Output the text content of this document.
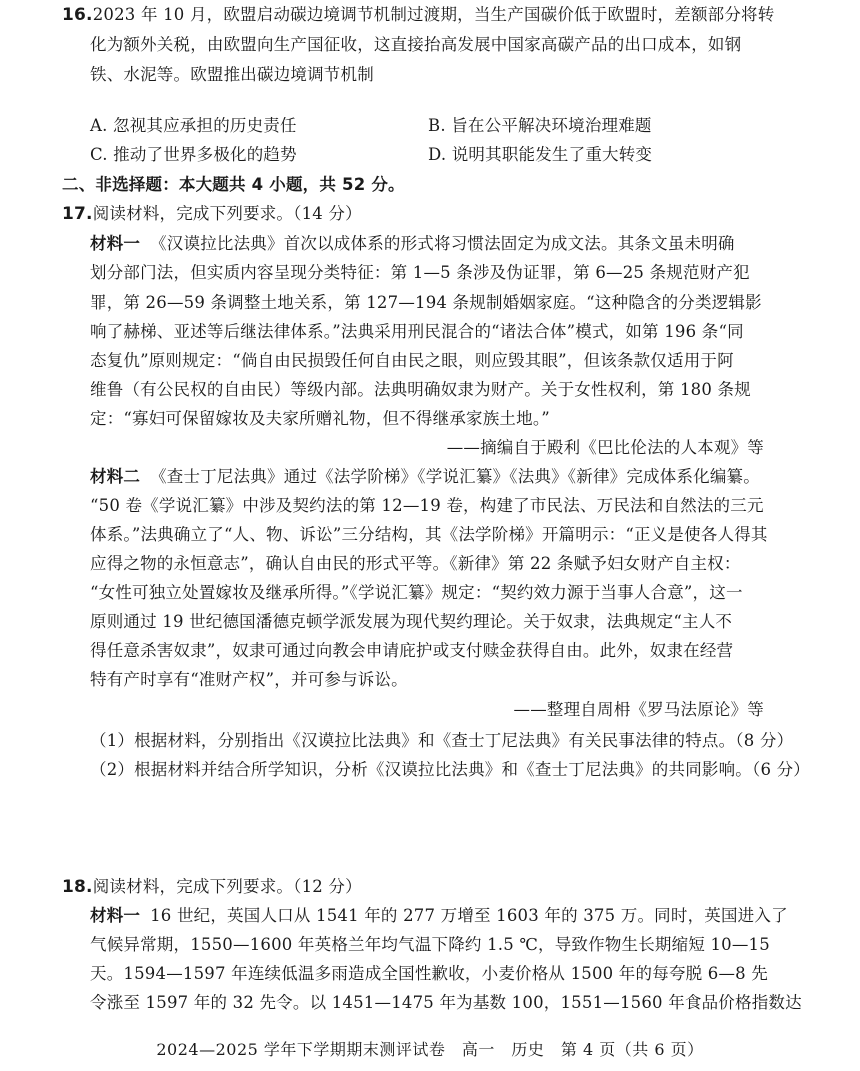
16.2023 年 10 月，欧盟启动碳边境调节机制过渡期，当生产国碳价低于欧盟时，差额部分将转
化为额外关税，由欧盟向生产国征收，这直接抬高发展中国家高碳产品的出口成本，如钢
铁、水泥等。欧盟推出碳边境调节机制
A. 忽视其应承担的历史责任	B. 旨在公平解决环境治理难题
C. 推动了世界多极化的趋势	D. 说明其职能发生了重大转变
二、非选择题：本大题共 4 小题，共 52 分。
17.阅读材料，完成下列要求。（14 分）
材料一 《汉谟拉比法典》首次以成体系的形式将习惯法固定为成文法。其条文虽未明确
划分部门法，但实质内容呈现分类特征：第 1—5 条涉及伪证罪，第 6—25 条规范财产犯
罪，第 26—59 条调整土地关系，第 127—194 条规制婚姻家庭。“这种隐含的分类逻辑影
响了赫梯、亚述等后继法律体系。”法典采用刑民混合的“诸法合体”模式，如第 196 条“同
态复仇”原则规定：“倘自由民损毁任何自由民之眼，则应毁其眼”，但该条款仅适用于阿
维鲁（有公民权的自由民）等级内部。法典明确奴隶为财产。关于女性权利，第 180 条规
定：“寡妇可保留嫁妆及夫家所赠礼物，但不得继承家族土地。”
——摘编自于殿利《巴比伦法的人本观》等
材料二 《查士丁尼法典》通过《法学阶梯》《学说汇纂》《法典》《新律》完成体系化编纂。
“50 卷《学说汇纂》中涉及契约法的第 12—19 卷，构建了市民法、万民法和自然法的三元
体系。”法典确立了“人、物、诉讼”三分结构，其《法学阶梯》开篇明示：“正义是使各人得其
应得之物的永恒意志”，确认自由民的形式平等。《新律》第 22 条赋予妇女财产自主权：
“女性可独立处置嫁妆及继承所得。”《学说汇纂》规定：“契约效力源于当事人合意”，这一
原则通过 19 世纪德国潘德克顿学派发展为现代契约理论。关于奴隶，法典规定“主人不
得任意杀害奴隶”，奴隶可通过向教会申请庇护或支付赎金获得自由。此外，奴隶在经营
特有产时享有“准财产权”，并可参与诉讼。
——整理自周枏《罗马法原论》等
（1）根据材料，分别指出《汉谟拉比法典》和《查士丁尼法典》有关民事法律的特点。（8 分）
（2）根据材料并结合所学知识，分析《汉谟拉比法典》和《查士丁尼法典》的共同影响。（6 分）
18.阅读材料，完成下列要求。（12 分）
材料一 16 世纪，英国人口从 1541 年的 277 万增至 1603 年的 375 万。同时，英国进入了
气候异常期，1550—1600 年英格兰年均气温下降约 1.5 ℃，导致作物生长期缩短 10—15
天。1594—1597 年连续低温多雨造成全国性歉收，小麦价格从 1500 年的每夸脱 6—8 先
令涨至 1597 年的 32 先令。以 1451—1475 年为基数 100，1551—1560 年食品价格指数达
2024—2025 学年下学期期末测评试卷　高一　历史　第 4 页（共 6 页）
